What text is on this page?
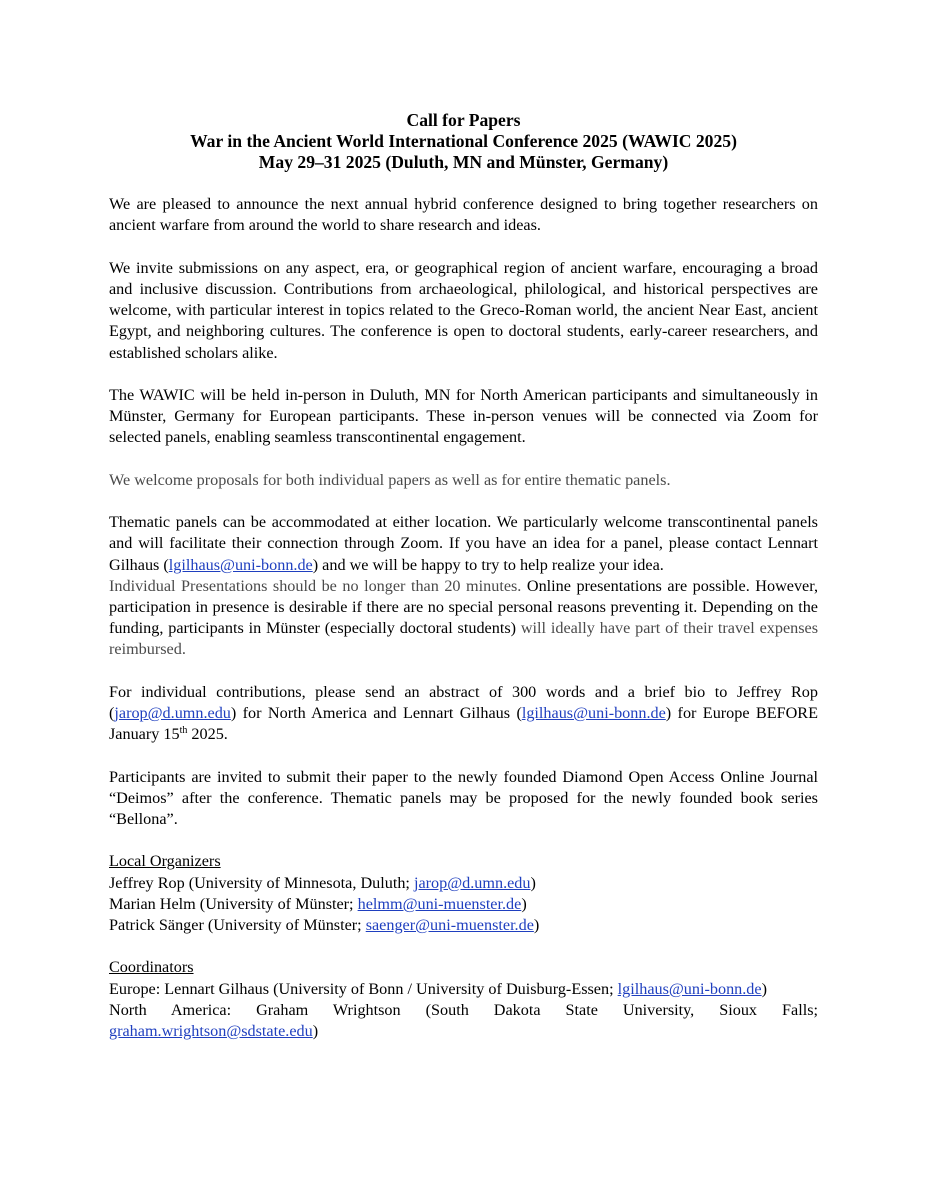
Call for Papers
War in the Ancient World International Conference 2025 (WAWIC 2025)
May 29–31 2025 (Duluth, MN and Münster, Germany)

We are pleased to announce the next annual hybrid conference designed to bring together researchers on ancient warfare from around the world to share research and ideas.

We invite submissions on any aspect, era, or geographical region of ancient warfare, encouraging a broad and inclusive discussion. Contributions from archaeological, philological, and historical perspectives are welcome, with particular interest in topics related to the Greco-Roman world, the ancient Near East, ancient Egypt, and neighboring cultures. The conference is open to doctoral students, early-career researchers, and established scholars alike.

The WAWIC will be held in-person in Duluth, MN for North American participants and simultaneously in Münster, Germany for European participants. These in-person venues will be connected via Zoom for selected panels, enabling seamless transcontinental engagement.

We welcome proposals for both individual papers as well as for entire thematic panels.

Thematic panels can be accommodated at either location. We particularly welcome transcontinental panels and will facilitate their connection through Zoom. If you have an idea for a panel, please contact Lennart Gilhaus (lgilhaus@uni-bonn.de) and we will be happy to try to help realize your idea.

Individual Presentations should be no longer than 20 minutes. Online presentations are possible. However, participation in presence is desirable if there are no special personal reasons preventing it. Depending on the funding, participants in Münster (especially doctoral students) will ideally have part of their travel expenses reimbursed.

For individual contributions, please send an abstract of 300 words and a brief bio to Jeffrey Rop (jarop@d.umn.edu) for North America and Lennart Gilhaus (lgilhaus@uni-bonn.de) for Europe BEFORE January 15th 2025.

Participants are invited to submit their paper to the newly founded Diamond Open Access Online Journal “Deimos” after the conference. Thematic panels may be proposed for the newly founded book series “Bellona”.

Local Organizers

Jeffrey Rop (University of Minnesota, Duluth; jarop@d.umn.edu)

Marian Helm (University of Münster; helmm@uni-muenster.de)

Patrick Sänger (University of Münster; saenger@uni-muenster.de)

Coordinators

Europe: Lennart Gilhaus (University of Bonn / University of Duisburg-Essen; lgilhaus@uni-bonn.de)

North America: Graham Wrightson (South Dakota State University, Sioux Falls; graham.wrightson@sdstate.edu)
